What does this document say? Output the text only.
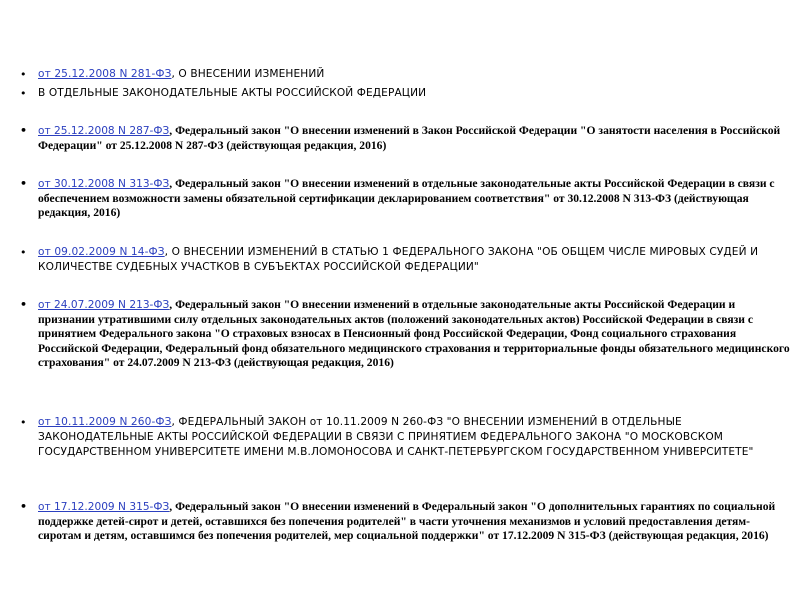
• от 25.12.2008 N 281-ФЗ, О ВНЕСЕНИИ ИЗМЕНЕНИЙ
• В ОТДЕЛЬНЫЕ ЗАКОНОДАТЕЛЬНЫЕ АКТЫ РОССИЙСКОЙ ФЕДЕРАЦИИ
• от 25.12.2008 N 287-ФЗ, Федеральный закон "О внесении изменений в Закон Российской Федерации "О занятости населения в Российской Федерации" от 25.12.2008 N 287-ФЗ (действующая редакция, 2016)
• от 30.12.2008 N 313-ФЗ, Федеральный закон "О внесении изменений в отдельные законодательные акты Российской Федерации в связи с обеспечением возможности замены обязательной сертификации декларированием соответствия" от 30.12.2008 N 313-ФЗ (действующая редакция, 2016)
• от 09.02.2009 N 14-ФЗ, О ВНЕСЕНИИ ИЗМЕНЕНИЙ В СТАТЬЮ 1 ФЕДЕРАЛЬНОГО ЗАКОНА "ОБ ОБЩЕМ ЧИСЛЕ МИРОВЫХ СУДЕЙ И КОЛИЧЕСТВЕ СУДЕБНЫХ УЧАСТКОВ В СУБЪЕКТАХ РОССИЙСКОЙ ФЕДЕРАЦИИ"
• от 24.07.2009 N 213-ФЗ, Федеральный закон "О внесении изменений в отдельные законодательные акты Российской Федерации и признании утратившими силу отдельных законодательных актов (положений законодательных актов) Российской Федерации в связи с принятием Федерального закона "О страховых взносах в Пенсионный фонд Российской Федерации, Фонд социального страхования Российской Федерации, Федеральный фонд обязательного медицинского страхования и территориальные фонды обязательного медицинского страхования" от 24.07.2009 N 213-ФЗ (действующая редакция, 2016)
• от 10.11.2009 N 260-ФЗ, ФЕДЕРАЛЬНЫЙ ЗАКОН от 10.11.2009 N 260-ФЗ "О ВНЕСЕНИИ ИЗМЕНЕНИЙ В ОТДЕЛЬНЫЕ ЗАКОНОДАТЕЛЬНЫЕ АКТЫ РОССИЙСКОЙ ФЕДЕРАЦИИ В СВЯЗИ С ПРИНЯТИЕМ ФЕДЕРАЛЬНОГО ЗАКОНА "О МОСКОВСКОМ ГОСУДАРСТВЕННОМ УНИВЕРСИТЕТЕ ИМЕНИ М.В.ЛОМОНОСОВА И САНКТ-ПЕТЕРБУРГСКОМ ГОСУДАРСТВЕННОМ УНИВЕРСИТЕТЕ"
• от 17.12.2009 N 315-ФЗ, Федеральный закон "О внесении изменений в Федеральный закон "О дополнительных гарантиях по социальной поддержке детей-сирот и детей, оставшихся без попечения родителей" в части уточнения механизмов и условий предоставления детям-сиротам и детям, оставшимся без попечения родителей, мер социальной поддержки" от 17.12.2009 N 315-ФЗ (действующая редакция, 2016)
